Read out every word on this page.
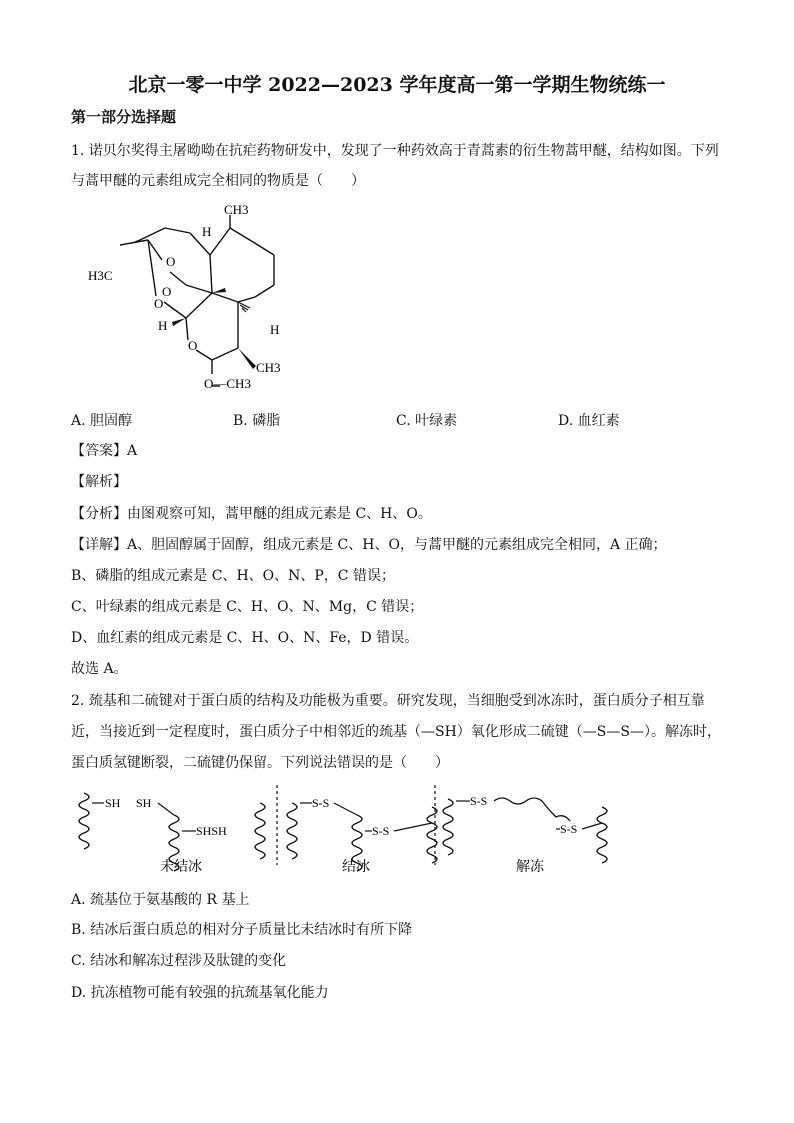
北京一零一中学 2022—2023 学年度高一第一学期生物统练一
第一部分选择题
1. 诺贝尔奖得主屠呦呦在抗疟药物研发中，发现了一种药效高于青蒿素的衍生物蒿甲醚，结构如图。下列
与蒿甲醚的元素组成完全相同的物质是（　　）
CH3
H
H3C
O
O
O
H	H
O
CH3
O—CH3
A. 胆固醇	B. 磷脂	C. 叶绿素	D. 血红素
【答案】A
【解析】
【分析】由图观察可知，蒿甲醚的组成元素是 C、H、O。
【详解】A、胆固醇属于固醇，组成元素是 C、H、O，与蒿甲醚的元素组成完全相同，A 正确；
B、磷脂的组成元素是 C、H、O、N、P，C 错误；
C、叶绿素的组成元素是 C、H、O、N、Mg，C 错误；
D、血红素的组成元素是 C、H、O、N、Fe，D 错误。
故选 A。
2. 巯基和二硫键对于蛋白质的结构及功能极为重要。研究发现，当细胞受到冰冻时，蛋白质分子相互靠
近，当接近到一定程度时，蛋白质分子中相邻近的巯基（—SH）氧化形成二硫键（—S—S—）。解冻时，
蛋白质氢键断裂，二硫键仍保留。下列说法错误的是（　　）
SH SH
SHSH
未结冰
S-S
S-S
结冰
S-S
S-S
解冻
A. 巯基位于氨基酸的 R 基上
B. 结冰后蛋白质总的相对分子质量比未结冰时有所下降
C. 结冰和解冻过程涉及肽键的变化
D. 抗冻植物可能有较强的抗巯基氧化能力
